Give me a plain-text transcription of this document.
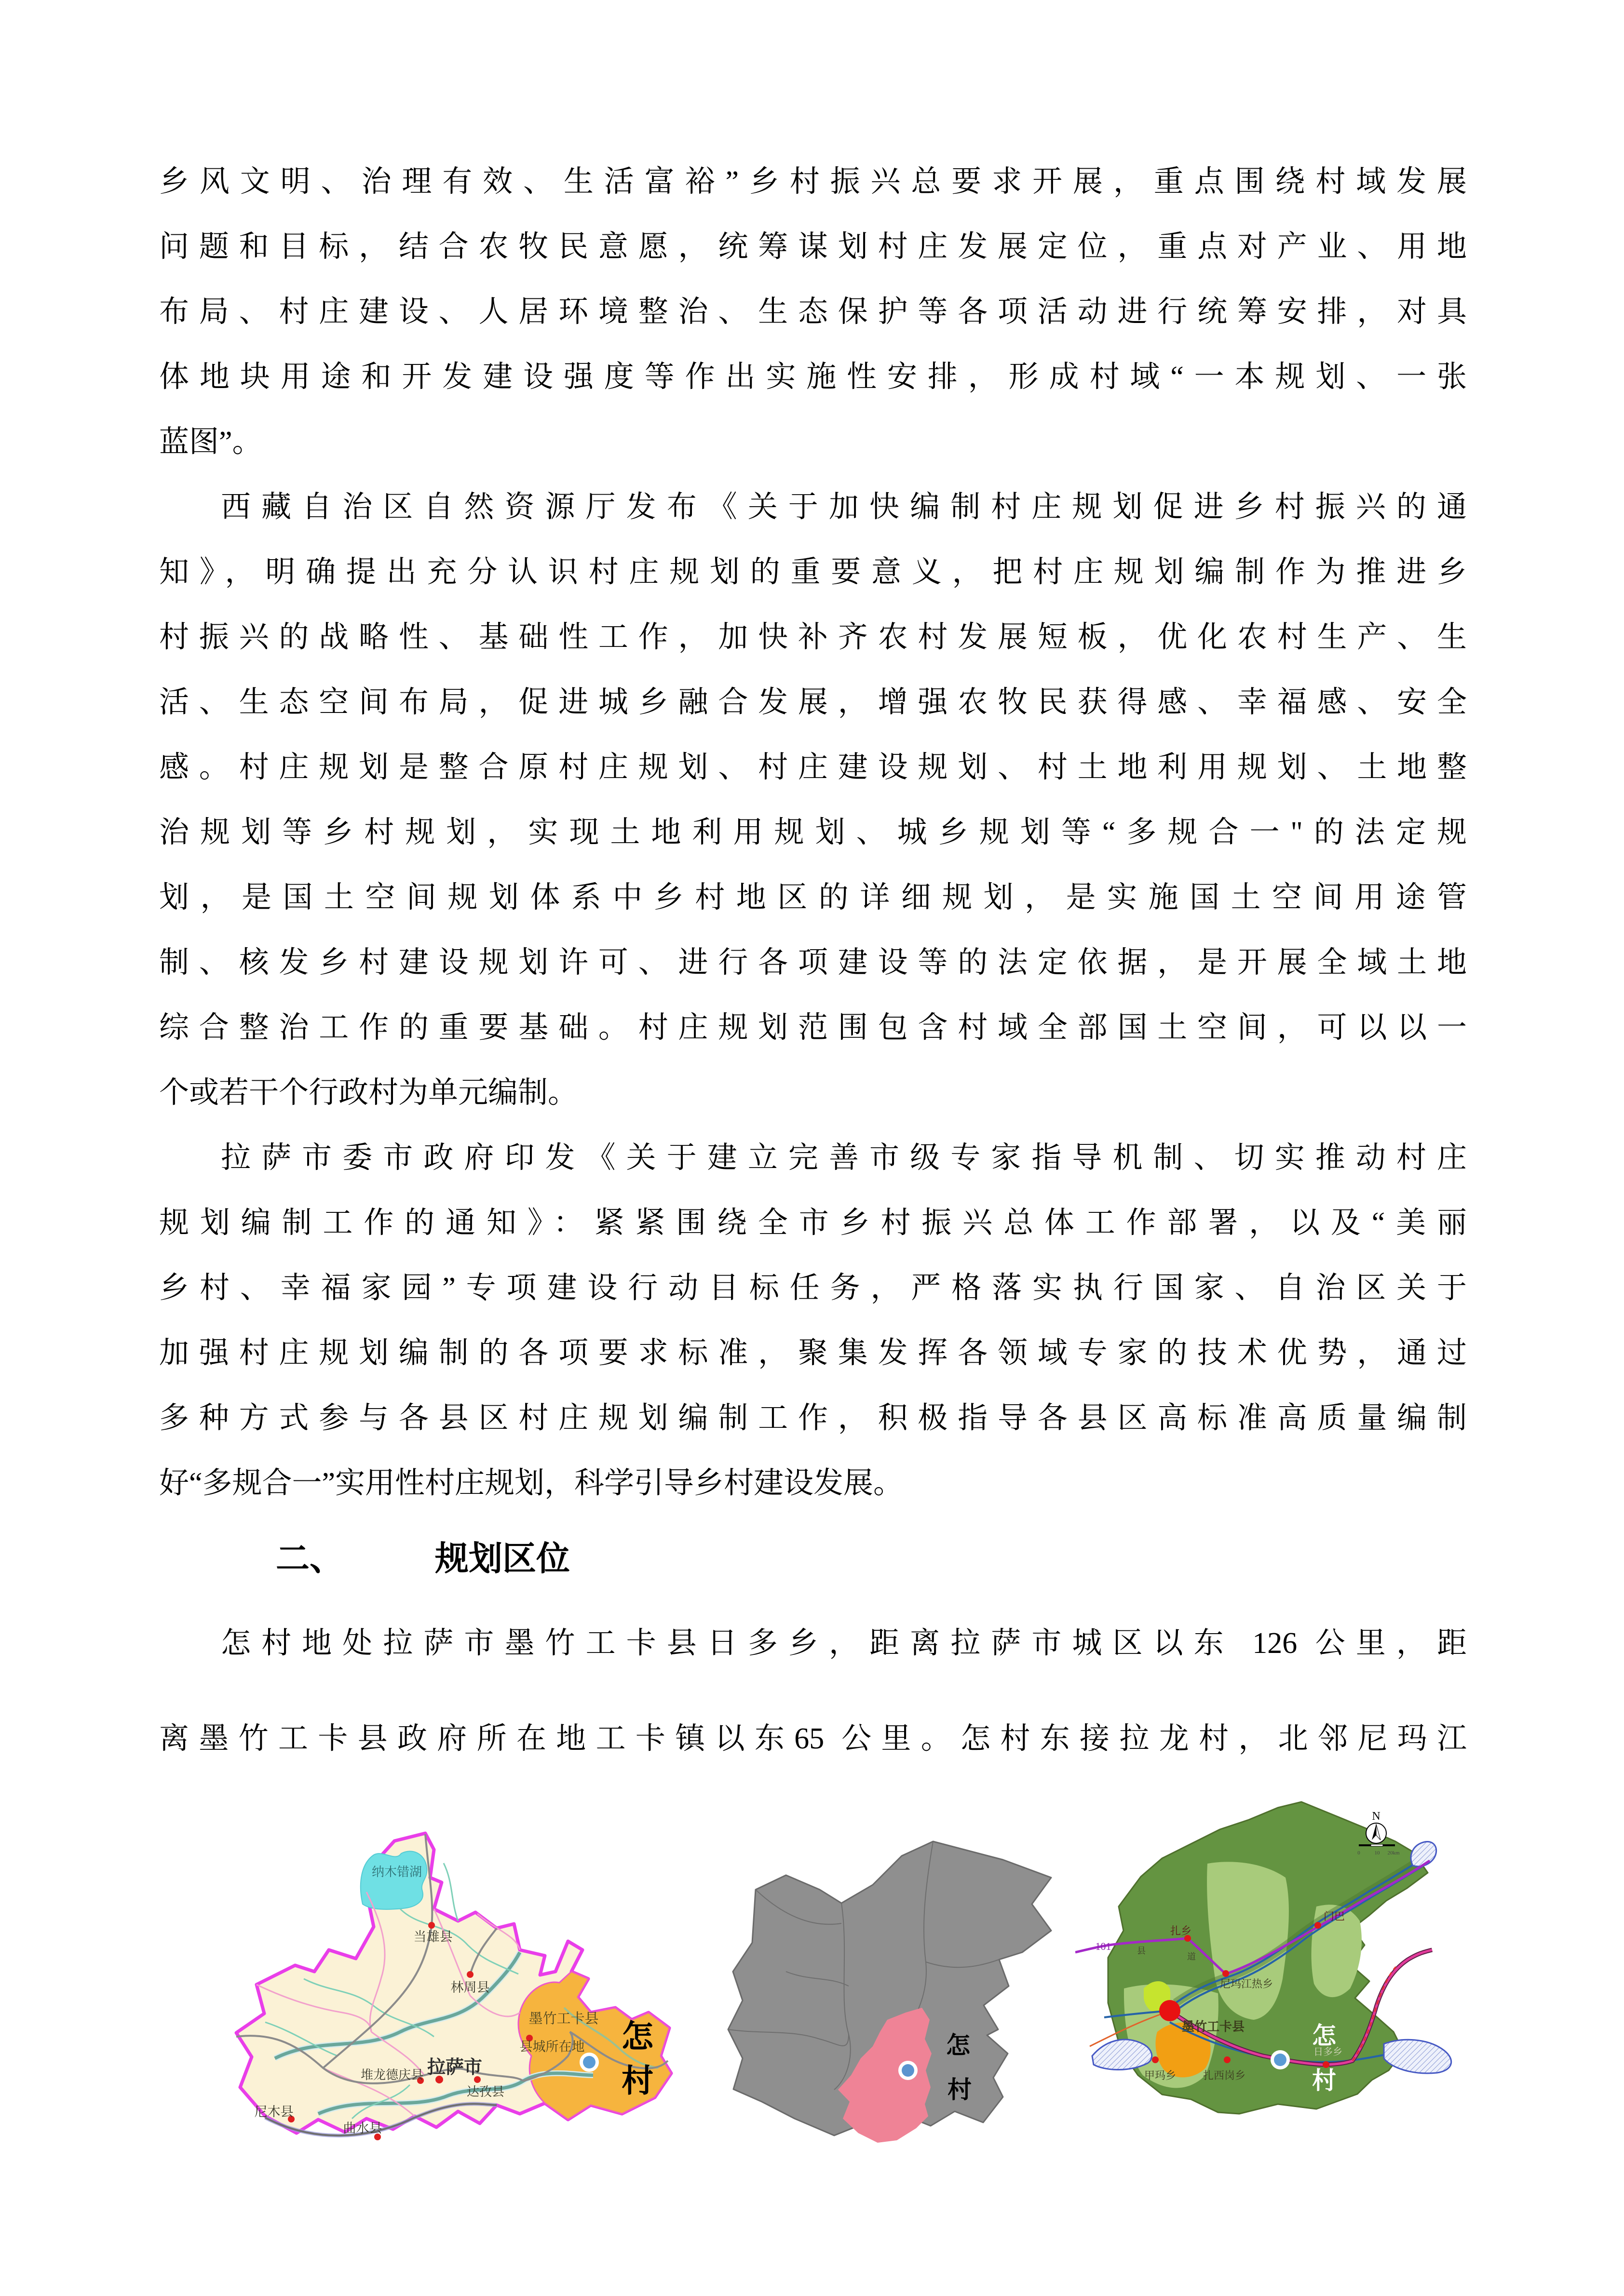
乡风文明、治理有效、生活富裕”乡村振兴总要求开展，重点围绕村域发展
问题和目标，结合农牧民意愿，统筹谋划村庄发展定位，重点对产业、用地
布局、村庄建设、人居环境整治、生态保护等各项活动进行统筹安排，对具
体地块用途和开发建设强度等作出实施性安排，形成村域“一本规划、一张
蓝图”。
西藏自治区自然资源厅发布《关于加快编制村庄规划促进乡村振兴的通
知》，明确提出充分认识村庄规划的重要意义，把村庄规划编制作为推进乡
村振兴的战略性、基础性工作，加快补齐农村发展短板，优化农村生产、生
活、生态空间布局，促进城乡融合发展，增强农牧民获得感、幸福感、安全
感。村庄规划是整合原村庄规划、村庄建设规划、村土地利用规划、土地整
治规划等乡村规划，实现土地利用规划、城乡规划等“多规合一"的法定规
划，是国土空间规划体系中乡村地区的详细规划，是实施国土空间用途管
制、核发乡村建设规划许可、进行各项建设等的法定依据，是开展全域土地
综合整治工作的重要基础。村庄规划范围包含村域全部国土空间，可以以一
个或若干个行政村为单元编制。
拉萨市委市政府印发《关于建立完善市级专家指导机制、切实推动村庄
规划编制工作的通知》：紧紧围绕全市乡村振兴总体工作部署，以及“美丽
乡村、幸福家园”专项建设行动目标任务，严格落实执行国家、自治区关于
加强村庄规划编制的各项要求标准，聚集发挥各领域专家的技术优势，通过
多种方式参与各县区村庄规划编制工作，积极指导各县区高标准高质量编制
好“多规合一”实用性村庄规划，科学引导乡村建设发展。
二、	规划区位
怎村地处拉萨市墨竹工卡县日多乡，距离拉萨市城区以东 126 公里，距
离墨竹工卡县政府所在地工卡镇以东65 公里。怎村东接拉龙村，北邻尼玛江
纳木错湖
当雄县
林周县
墨竹工卡县
县城所在地
拉萨市
堆龙德庆县
达孜县
尼木县
曲水县
怎
村
怎
村
N
0	10 20km
101	县
道
扎乡
门巴
尼玛江热乡
甲玛乡	扎西岗乡
日多乡
墨竹工卡县	怎
村
